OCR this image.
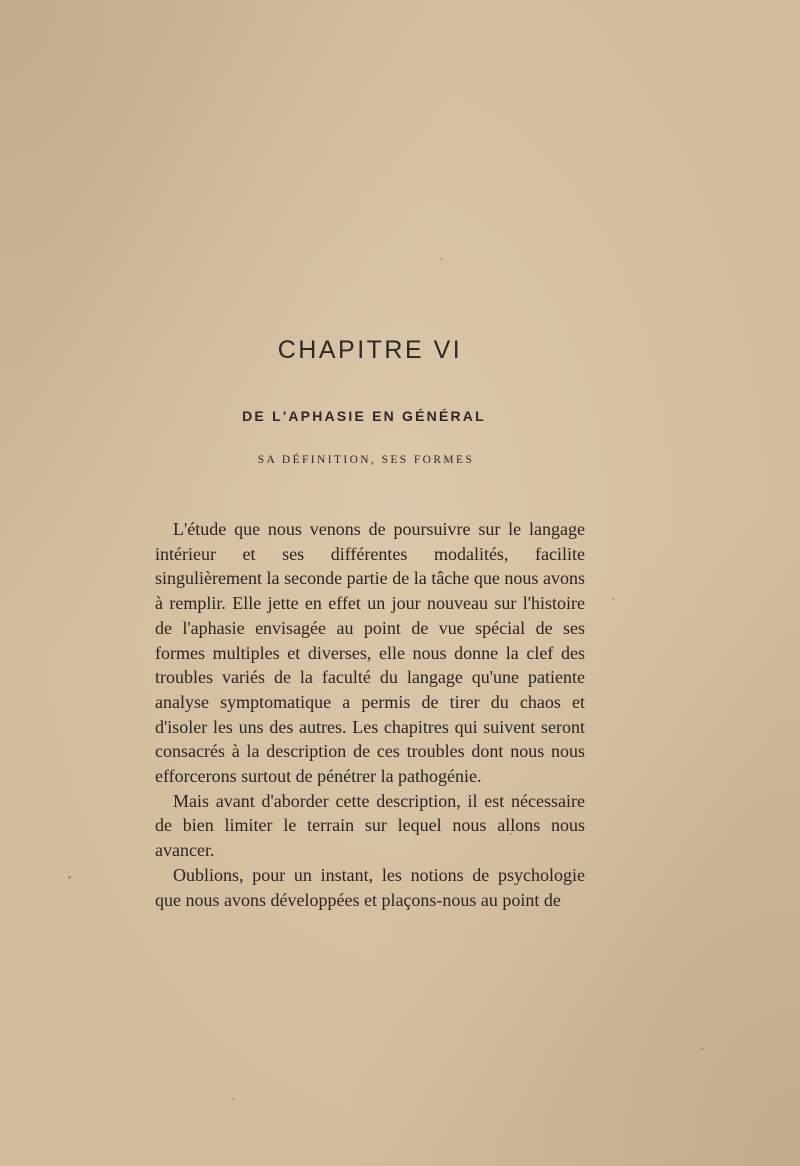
CHAPITRE VI
DE L'APHASIE EN GÉNÉRAL
SA DÉFINITION, SES FORMES

L'étude que nous venons de poursuivre sur le langage intérieur et ses différentes modalités, facilite singulièrement la seconde partie de la tâche que nous avons à remplir. Elle jette en effet un jour nouveau sur l'histoire de l'aphasie envisagée au point de vue spécial de ses formes multiples et diverses, elle nous donne la clef des troubles variés de la faculté du langage qu'une patiente analyse symptomatique a permis de tirer du chaos et d'isoler les uns des autres. Les chapitres qui suivent seront consacrés à la description de ces troubles dont nous nous efforcerons surtout de pénétrer la pathogénie.

Mais avant d'aborder cette description, il est nécessaire de bien limiter le terrain sur lequel nous allons nous avancer.

Oublions, pour un instant, les notions de psychologie que nous avons développées et plaçons-nous au point de
